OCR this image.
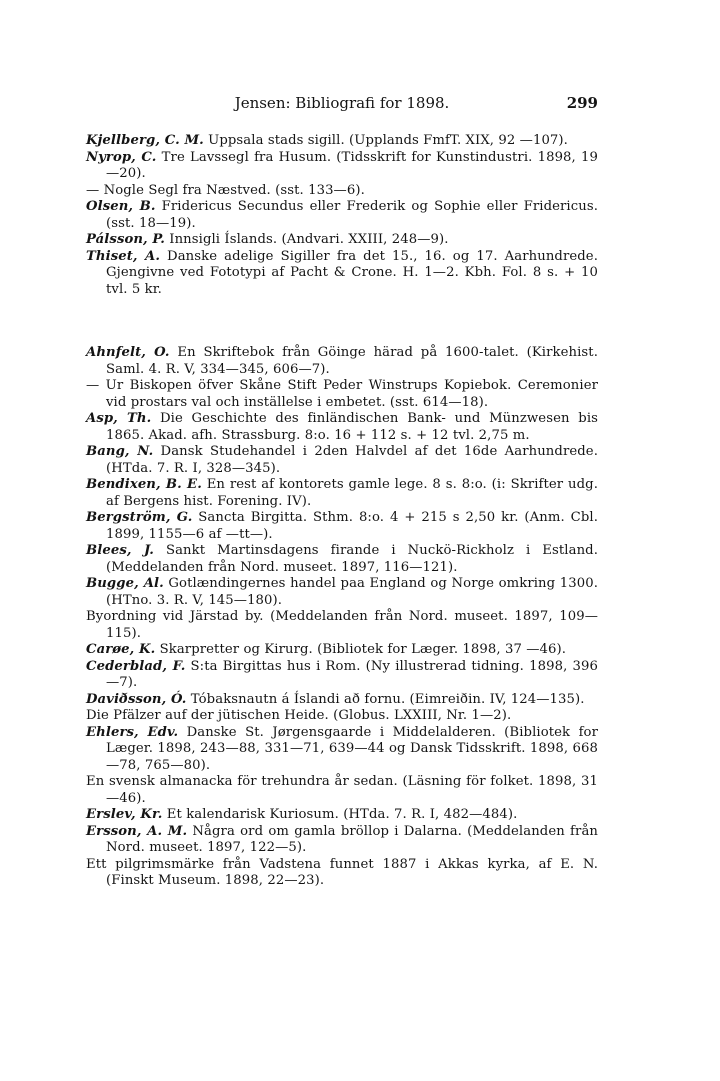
Jensen: Bibliografi for 1898.	299

Kjellberg, C. M. Uppsala stads sigill. (Upplands FmfT. XIX, 92 —107).

Nyrop, C. Tre Lavssegl fra Husum. (Tidsskrift for Kunstindustri. 1898, 19—20).

— Nogle Segl fra Næstved. (sst. 133—6).

Olsen, B. Fridericus Secundus eller Frederik og Sophie eller Fridericus. (sst. 18—19).

Pálsson, P. Innsigli Íslands. (Andvari. XXIII, 248—9).

Thiset, A. Danske adelige Sigiller fra det 15., 16. og 17. Aarhundrede. Gjengivne ved Fototypi af Pacht & Crone. H. 1—2. Kbh. Fol. 8 s. + 10 tvl. 5 kr.

Ahnfelt, O. En Skriftebok från Göinge härad på 1600-talet. (Kirkehist. Saml. 4. R. V, 334—345, 606—7).

— Ur Biskopen öfver Skåne Stift Peder Winstrups Kopiebok. Ceremonier vid prostars val och inställelse i embetet. (sst. 614—18).

Asp, Th. Die Geschichte des finländischen Bank- und Münzwesen bis 1865. Akad. afh. Strassburg. 8:o. 16 + 112 s. + 12 tvl. 2,75 m.

Bang, N. Dansk Studehandel i 2den Halvdel af det 16de Aarhundrede. (HTda. 7. R. I, 328—345).

Bendixen, B. E. En rest af kontorets gamle lege. 8 s. 8:o. (i: Skrifter udg. af Bergens hist. Forening. IV).

Bergström, G. Sancta Birgitta. Sthm. 8:o. 4 + 215 s 2,50 kr. (Anm. Cbl. 1899, 1155—6 af —tt—).

Blees, J. Sankt Martinsdagens firande i Nuckö-Rickholz i Estland. (Meddelanden från Nord. museet. 1897, 116—121).

Bugge, Al. Gotlændingernes handel paa England og Norge omkring 1300. (HTno. 3. R. V, 145—180).

Byordning vid Järstad by. (Meddelanden från Nord. museet. 1897, 109—115).

Carøe, K. Skarpretter og Kirurg. (Bibliotek for Læger. 1898, 37 —46).

Cederblad, F. S:ta Birgittas hus i Rom. (Ny illustrerad tidning. 1898, 396—7).

Daviðsson, Ó. Tóbaksnautn á Íslandi að fornu. (Eimreiðin. IV, 124—135).

Die Pfälzer auf der jütischen Heide. (Globus. LXXIII, Nr. 1—2).

Ehlers, Edv. Danske St. Jørgensgaarde i Middelalderen. (Bibliotek for Læger. 1898, 243—88, 331—71, 639—44 og Dansk Tidsskrift. 1898, 668—78, 765—80).

En svensk almanacka för trehundra år sedan. (Läsning för folket. 1898, 31—46).

Erslev, Kr. Et kalendarisk Kuriosum. (HTda. 7. R. I, 482—484).

Ersson, A. M. Några ord om gamla bröllop i Dalarna. (Meddelanden från Nord. museet. 1897, 122—5).

Ett pilgrimsmärke från Vadstena funnet 1887 i Akkas kyrka, af E. N. (Finskt Museum. 1898, 22—23).
